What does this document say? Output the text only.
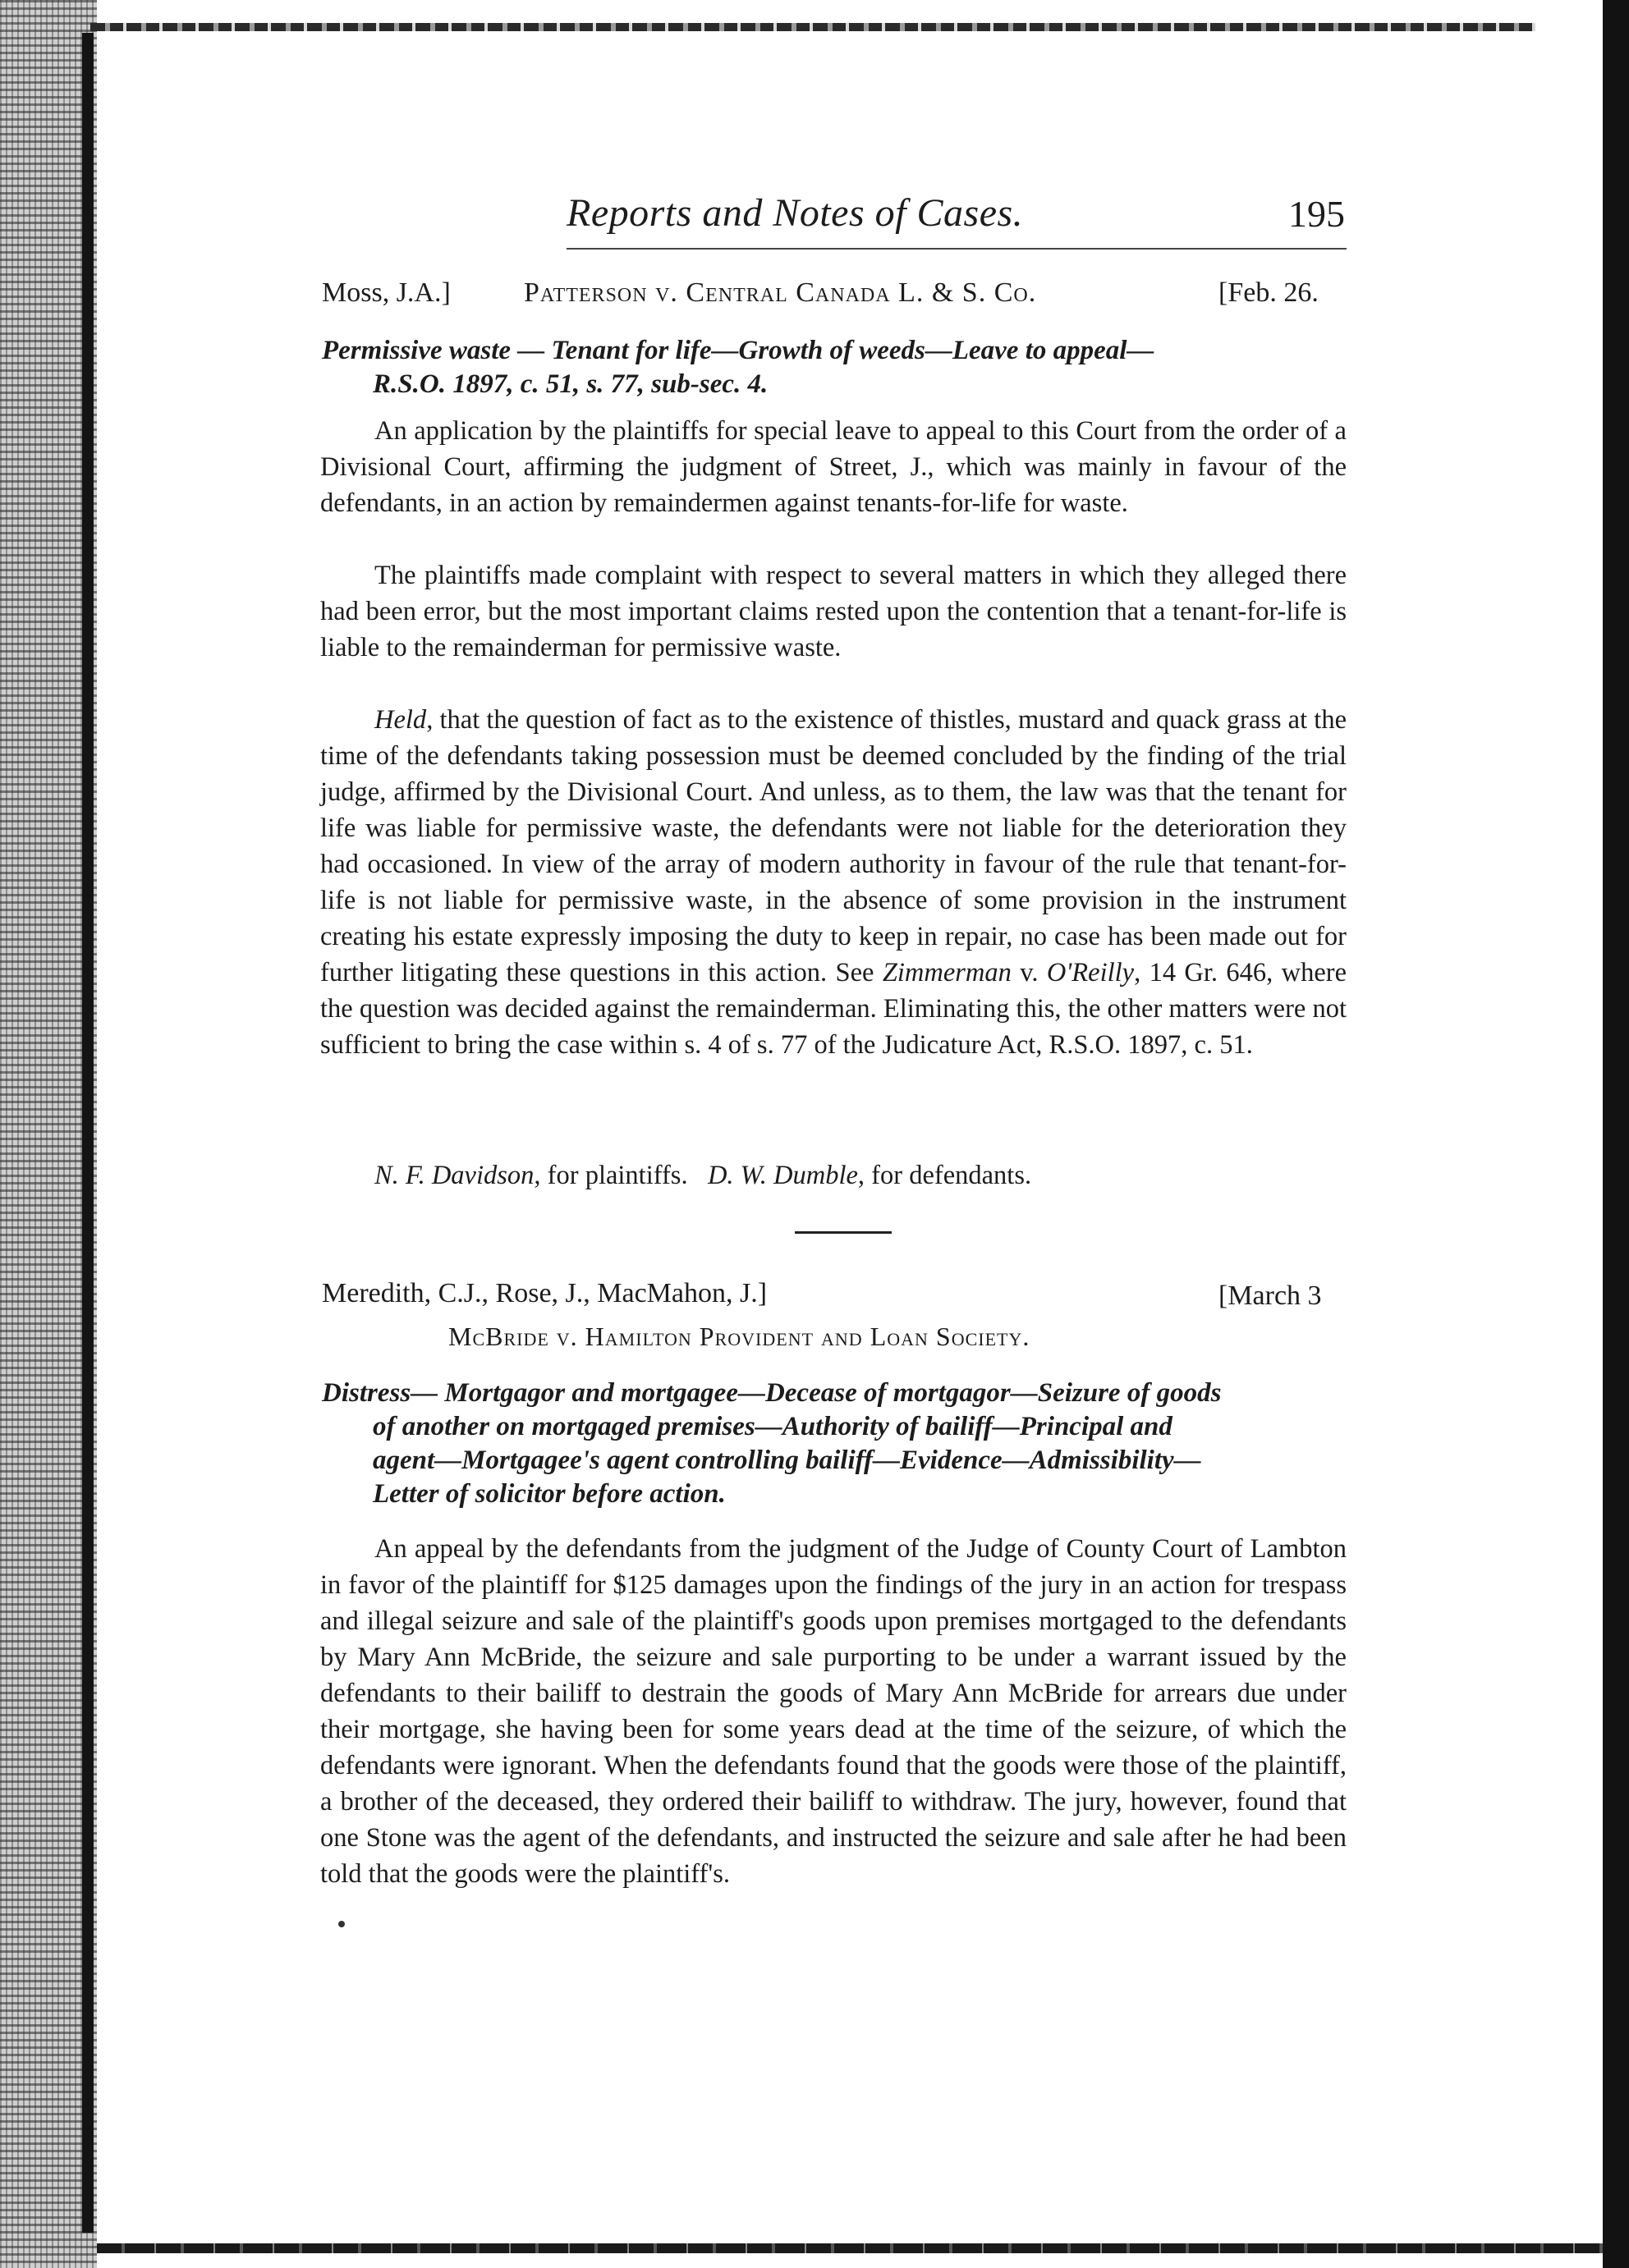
Reports and Notes of Cases.	195
Moss, J.A.]	Patterson v. Central Canada L. & S. Co.	[Feb. 26.
Permissive waste — Tenant for life—Growth of weeds—Leave to appeal—
R.S.O. 1897, c. 51, s. 77, sub-sec. 4.

An application by the plaintiffs for special leave to appeal to this Court from the order of a Divisional Court, affirming the judgment of Street, J., which was mainly in favour of the defendants, in an action by remaindermen against tenants-for-life for waste.

The plaintiffs made complaint with respect to several matters in which they alleged there had been error, but the most important claims rested upon the contention that a tenant-for-life is liable to the remainderman for permissive waste.

Held, that the question of fact as to the existence of thistles, mustard and quack grass at the time of the defendants taking possession must be deemed concluded by the finding of the trial judge, affirmed by the Divisional Court. And unless, as to them, the law was that the tenant for life was liable for permissive waste, the defendants were not liable for the deterioration they had occasioned. In view of the array of modern authority in favour of the rule that tenant-for-life is not liable for permissive waste, in the absence of some provision in the instrument creating his estate expressly imposing the duty to keep in repair, no case has been made out for further litigating these questions in this action. See Zimmerman v. O'Reilly, 14 Gr. 646, where the question was decided against the remainderman. Eliminating this, the other matters were not sufficient to bring the case within s. 4 of s. 77 of the Judicature Act, R.S.O. 1897, c. 51.

N. F. Davidson, for plaintiffs. D. W. Dumble, for defendants.
Meredith, C.J., Rose, J., MacMahon, J.]	[March 3
McBride v. Hamilton Provident and Loan Society.
Distress— Mortgagor and mortgagee—Decease of mortgagor—Seizure of goods
of another on mortgaged premises—Authority of bailiff—Principal and
agent—Mortgagee's agent controlling bailiff—Evidence—Admissibility—
Letter of solicitor before action.

An appeal by the defendants from the judgment of the Judge of County Court of Lambton in favor of the plaintiff for $125 damages upon the findings of the jury in an action for trespass and illegal seizure and sale of the plaintiff's goods upon premises mortgaged to the defendants by Mary Ann McBride, the seizure and sale purporting to be under a warrant issued by the defendants to their bailiff to destrain the goods of Mary Ann McBride for arrears due under their mortgage, she having been for some years dead at the time of the seizure, of which the defendants were ignorant. When the defendants found that the goods were those of the plaintiff, a brother of the deceased, they ordered their bailiff to withdraw. The jury, however, found that one Stone was the agent of the defendants, and instructed the seizure and sale after he had been told that the goods were the plaintiff's.
